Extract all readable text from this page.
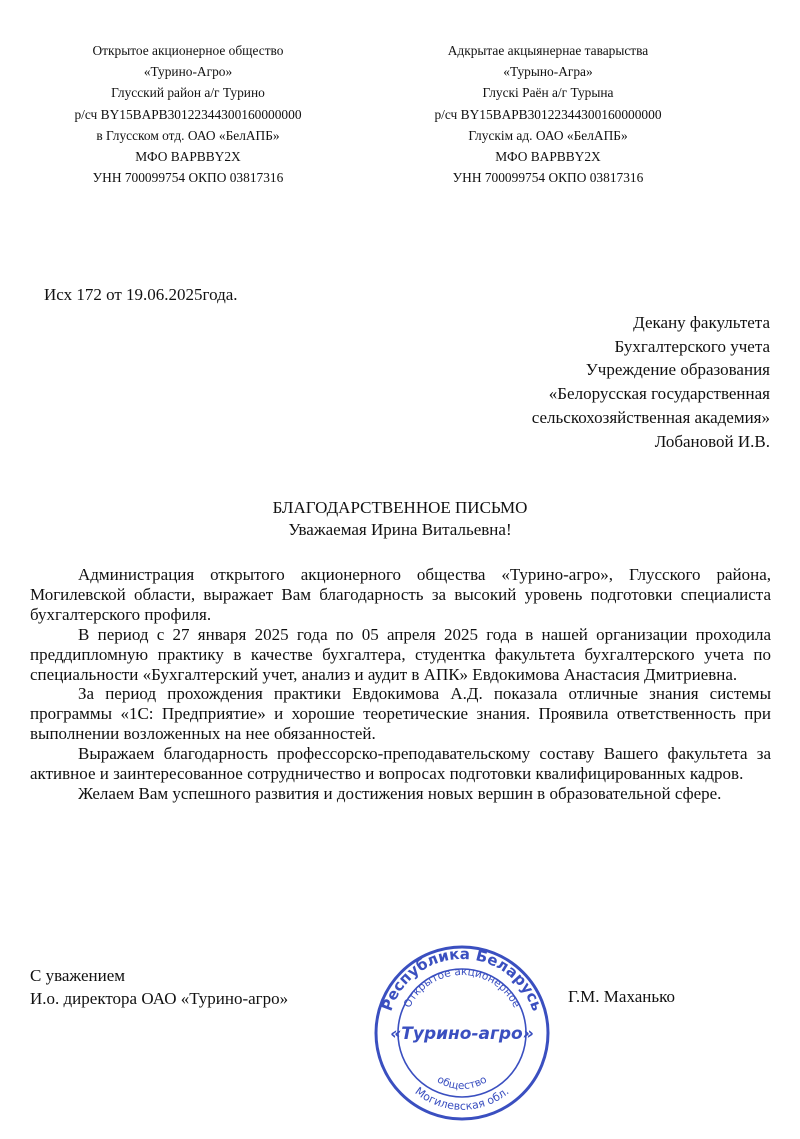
Открытое акционерное общество
«Турино-Агро»
Глусский район а/г Турино
р/сч BY15BAPB30122344300160000000
в Глусском отд. ОАО «БелАПБ»
МФО BAPBBY2X
УНН 700099754 ОКПО 03817316
Адкрытае акцыянернае таварыства
«Турыно-Агра»
Глускі Раён а/г Турына
р/сч BY15BAPB30122344300160000000
Глускім ад. ОАО «БелАПБ»
МФО BAPBBY2X
УНН 700099754 ОКПО 03817316
Исх 172 от 19.06.2025года.
Декану факультета
Бухгалтерского учета
Учреждение образования
«Белорусская государственная
сельскохозяйственная академия»
Лобановой И.В.
БЛАГОДАРСТВЕННОЕ ПИСЬМО
Уважаемая Ирина Витальевна!

Администрация открытого акционерного общества «Турино-агро», Глусского района, Могилевской области, выражает Вам благодарность за высокий уровень подготовки специалиста бухгалтерского профиля.

В период с 27 января 2025 года по 05 апреля 2025 года в нашей организации проходила преддипломную практику в качестве бухгалтера, студентка факультета бухгалтерского учета по специальности «Бухгалтерский учет, анализ и аудит в АПК» Евдокимова Анастасия Дмитриевна.

За период прохождения практики Евдокимова А.Д. показала отличные знания системы программы «1С: Предприятие» и хорошие теоретические знания. Проявила ответственность при выполнении возложенных на нее обязанностей.

Выражаем благодарность профессорско-преподавательскому составу Вашего факультета за активное и заинтересованное сотрудничество и вопросах подготовки квалифицированных кадров.

Желаем Вам успешного развития и достижения новых вершин в образовательной сфере.

С уважением
И.о. директора ОАО «Турино-агро»	Г.М. Маханько
Республика Беларусь
Открытое акционерное
«Турино-агро»
общество
Могилевская обл.
